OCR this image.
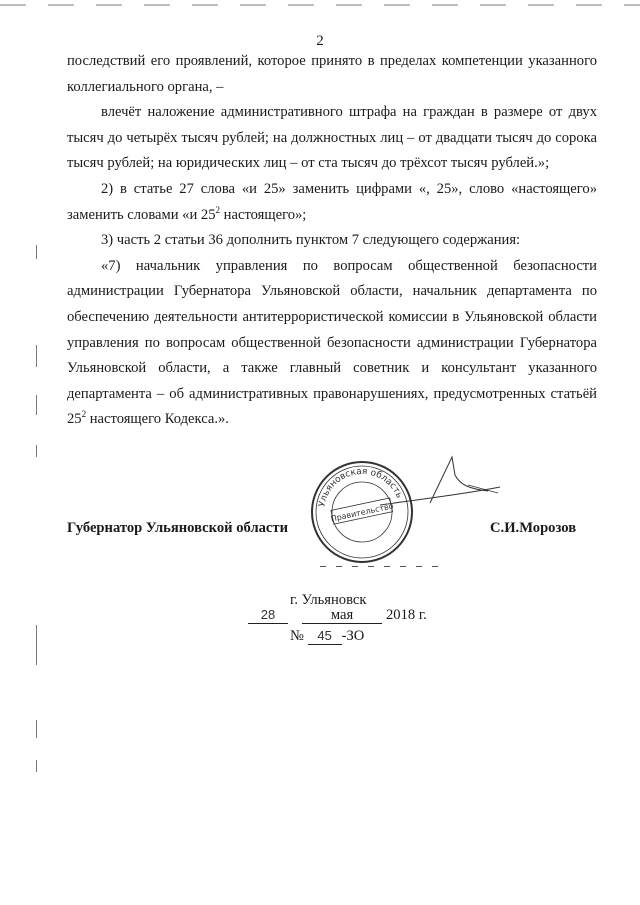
2

последствий его проявлений, которое принято в пределах компетенции указанного коллегиального органа, –

влечёт наложение административного штрафа на граждан в размере от двух тысяч до четырёх тысяч рублей; на должностных лиц – от двадцати тысяч до сорока тысяч рублей; на юридических лиц – от ста тысяч до трёхсот тысяч рублей.»;

2) в статье 27 слова «и 25» заменить цифрами «, 25», слово «настоящего» заменить словами «и $25^2$ настоящего»;

3) часть 2 статьи 36 дополнить пунктом 7 следующего содержания:

«7) начальник управления по вопросам общественной безопасности администрации Губернатора Ульяновской области, начальник департамента по обеспечению деятельности антитеррористической комиссии в Ульяновской области управления по вопросам общественной безопасности администрации Губернатора Ульяновской области, а также главный советник и консультант указанного департамента – об административных правонарушениях, предусмотренных статьёй $25^2$ настоящего Кодекса.».

Ульяновская область
Правительство
Губернатор Ульяновской области	С.И.Морозов
г. Ульяновск
28	мая 2018 г.
№ 45 -ЗО
